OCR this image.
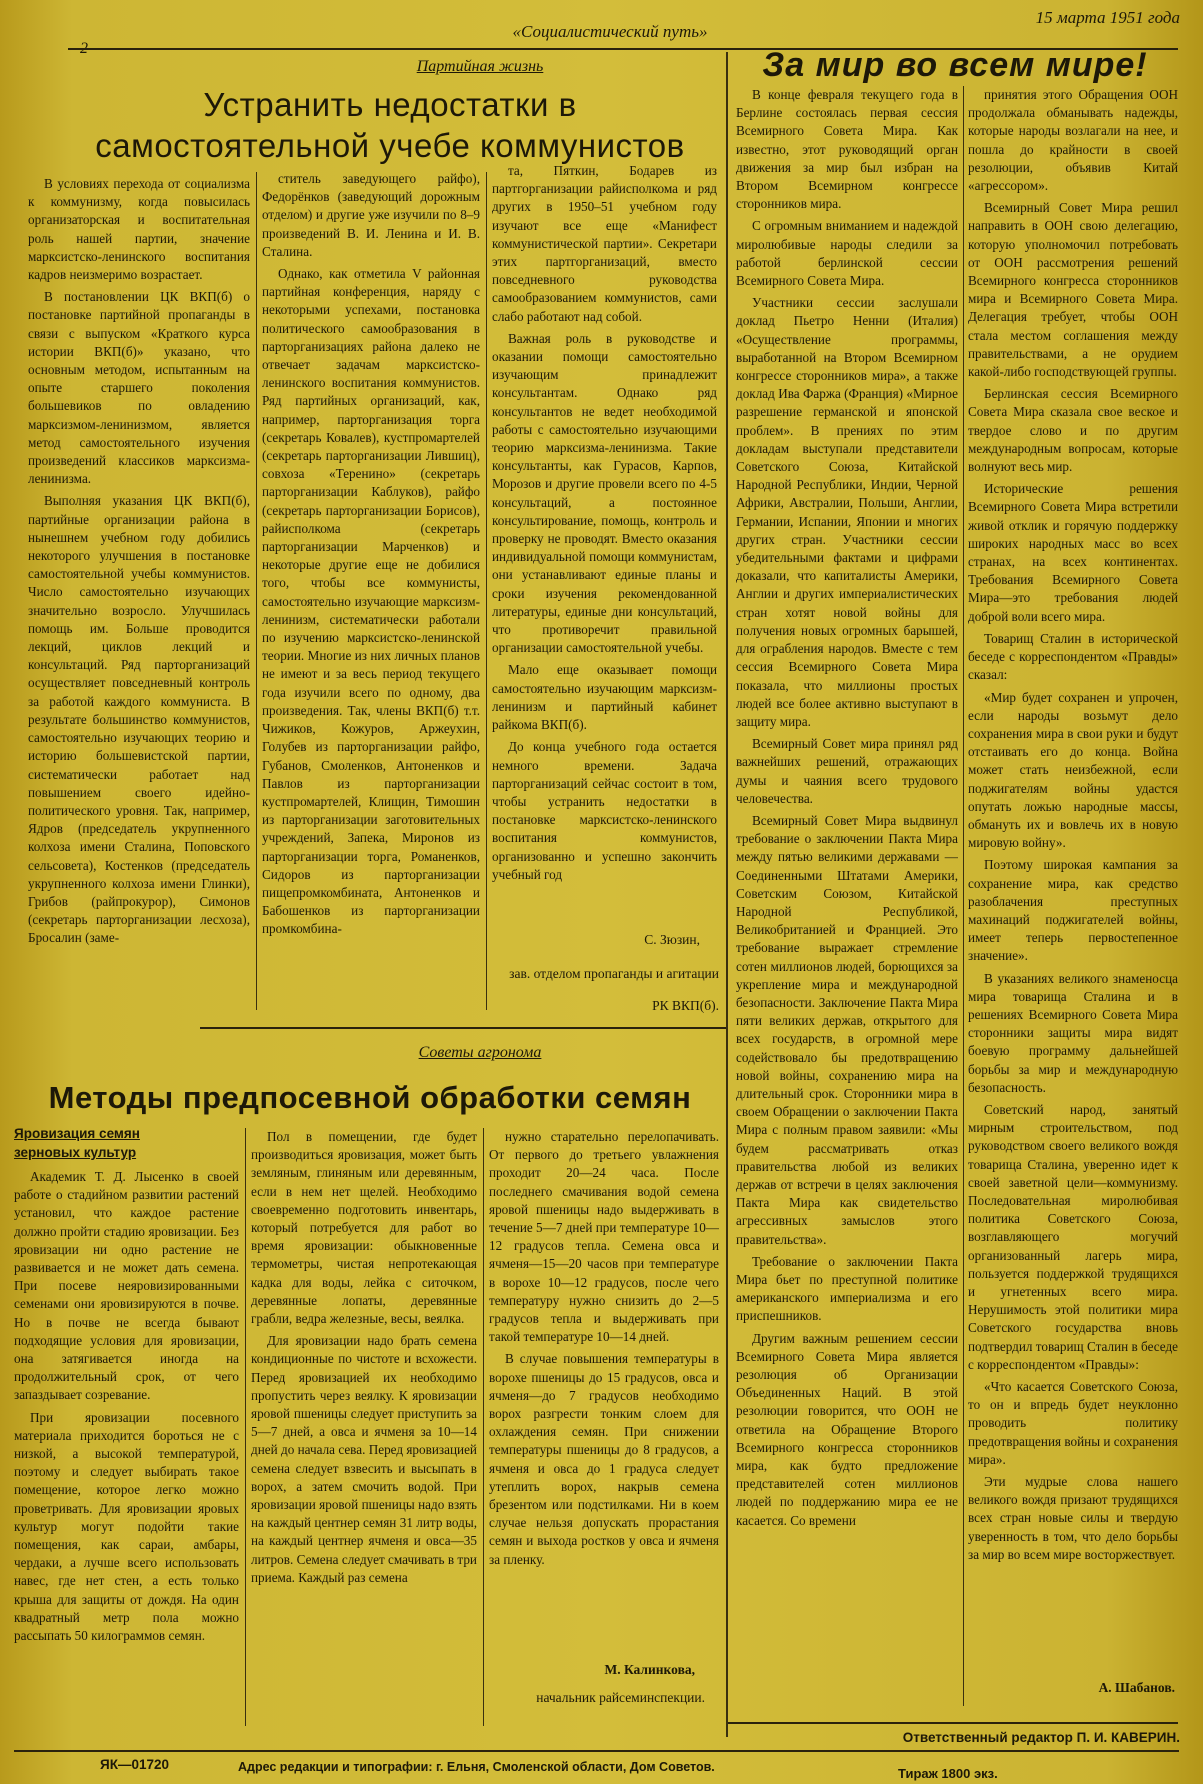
«Социалистический путь»
15 марта 1951 года
Партийная жизнь
Устранить недостатки в
самостоятельной учебе коммунистов

В условиях перехода от социализма к коммунизму, когда повысилась организаторская и воспитательная роль нашей партии, значение марксистско-ленинского воспитания кадров неизмеримо возрастает.

В постановлении ЦК ВКП(б) о постановке партийной пропаганды в связи с выпуском «Краткого курса истории ВКП(б)» указано, что основным методом, испытанным на опыте старшего поколения большевиков по овладению марксизмом-ленинизмом, является метод самостоятельного изучения произведений классиков марксизма-ленинизма.

Выполняя указания ЦК ВКП(б), партийные организации района в нынешнем учебном году добились некоторого улучшения в постановке самостоятельной учебы коммунистов. Число самостоятельно изучающих значительно возросло. Улучшилась помощь им. Больше проводится лекций, циклов лекций и консультаций. Ряд парторганизаций осуществляет повседневный контроль за работой каждого коммуниста. В результате большинство коммунистов, самостоятельно изучающих теорию и историю большевистской партии, систематически работает над повышением своего идейно-политического уровня. Так, например, Ядров (председатель укрупненного колхоза имени Сталина, Поповского сельсовета), Костенков (председатель укрупненного колхоза имени Глинки), Грибов (райпрокурор), Симонов (секретарь парторганизации лесхоза), Бросалин (заме-

ститель заведующего райфо), Федорёнков (заведующий дорожным отделом) и другие уже изучили по 8–9 произведений В. И. Ленина и И. В. Сталина.

Однако, как отметила V районная партийная конференция, наряду с некоторыми успехами, постановка политического самообразования в парторганизациях района далеко не отвечает задачам марксистско-ленинского воспитания коммунистов. Ряд партийных организаций, как, например, парторганизация торга (секретарь Ковалев), кустпромартелей (секретарь парторганизации Лившиц), совхоза «Теренино» (секретарь парторганизации Каблуков), райфо (секретарь парторганизации Борисов), райисполкома (секретарь парторганизации Марченков) и некоторые другие еще не добилися того, чтобы все коммунисты, самостоятельно изучающие марксизм-ленинизм, систематически работали по изучению марксистско-ленинской теории. Многие из них личных планов не имеют и за весь период текущего года изучили всего по одному, два произведения. Так, члены ВКП(б) т.т. Чижиков, Кожуров, Аржеухин, Голубев из парторганизации райфо, Губанов, Смоленков, Антоненков и Павлов из парторганизации кустпромартелей, Клищин, Тимошин из парторганизации заготовительных учреждений, Запека, Миронов из парторганизации торга, Романенков, Сидоров из парторганизации пищепромкомбината, Антоненков и Бабошенков из парторганизации промкомбина-

та, Пяткин, Бодарев из партгорганизации райисполкома и ряд других в 1950–51 учебном году изучают все еще «Манифест коммунистической партии». Секретари этих партгорганизаций, вместо повседневного руководства самообразованием коммунистов, сами слабо работают над собой.

Важная роль в руководстве и оказании помощи самостоятельно изучающим принадлежит консультантам. Однако ряд консультантов не ведет необходимой работы с самостоятельно изучающими теорию марксизма-ленинизма. Такие консультанты, как Гурасов, Карпов, Морозов и другие провели всего по 4-5 консультаций, а постоянное консультирование, помощь, контроль и проверку не проводят. Вместо оказания индивидуальной помощи коммунистам, они устанавливают единые планы и сроки изучения рекомендованной литературы, единые дни консультаций, что противоречит правильной организации самостоятельной учебы.

Мало еще оказывает помощи самостоятельно изучающим марксизм-ленинизм и партийный кабинет райкома ВКП(б).

До конца учебного года остается немного времени. Задача парторганизаций сейчас состоит в том, чтобы устранить недостатки в постановке марксистско-ленинского воспитания коммунистов, организованно и успешно закончить учебный год

С. Зюзин,
зав. отделом пропаганды и агитации РК ВКП(б).
За мир во всем мире!

В конце февраля текущего года в Берлине состоялась первая сессия Всемирного Совета Мира. Как известно, этот руководящий орган движения за мир был избран на Втором Всемирном конгрессе сторонников мира.

С огромным вниманием и надеждой миролюбивые народы следили за работой берлинской сессии Всемирного Совета Мира.

Участники сессии заслушали доклад Пьетро Ненни (Италия) «Осуществление программы, выработанной на Втором Всемирном конгрессе сторонников мира», а также доклад Ива Фаржа (Франция) «Мирное разрешение германской и японской проблем». В прениях по этим докладам выступали представители Советского Союза, Китайской Народной Республики, Индии, Черной Африки, Австралии, Польши, Англии, Германии, Испании, Японии и многих других стран. Участники сессии убедительными фактами и цифрами доказали, что капиталисты Америки, Англии и других империалистических стран хотят новой войны для получения новых огромных барышей, для ограбления народов. Вместе с тем сессия Всемирного Совета Мира показала, что миллионы простых людей все более активно выступают в защиту мира.

Всемирный Совет мира принял ряд важнейших решений, отражающих думы и чаяния всего трудового человечества.

Всемирный Совет Мира выдвинул требование о заключении Пакта Мира между пятью великими державами — Соединенными Штатами Америки, Советским Союзом, Китайской Народной Республикой, Великобританией и Францией. Это требование выражает стремление сотен миллионов людей, борющихся за укрепление мира и международной безопасности. Заключение Пакта Мира пяти великих держав, открытого для всех государств, в огромной мере содействовало бы предотвращению новой войны, сохранению мира на длительный срок. Сторонники мира в своем Обращении о заключении Пакта Мира с полным правом заявили: «Мы будем рассматривать отказ правительства любой из великих держав от встречи в целях заключения Пакта Мира как свидетельство агрессивных замыслов этого правительства».

Требование о заключении Пакта Мира бьет по преступной политике американского империализма и его приспешников.

Другим важным решением сессии Всемирного Совета Мира является резолюция об Организации Объединенных Наций. В этой резолюции говорится, что ООН не ответила на Обращение Второго Всемирного конгресса сторонников мира, как будто предложение представителей сотен миллионов людей по поддержанию мира ее не касается. Со времени

принятия этого Обращения ООН продолжала обманывать надежды, которые народы возлагали на нее, и пошла до крайности в своей резолюции, объявив Китай «агрессором».

Всемирный Совет Мира решил направить в ООН свою делегацию, которую уполномочил потребовать от ООН рассмотрения решений Всемирного конгресса сторонников мира и Всемирного Совета Мира. Делегация требует, чтобы ООН стала местом соглашения между правительствами, а не орудием какой-либо господствующей группы.

Берлинская сессия Всемирного Совета Мира сказала свое веское и твердое слово и по другим международным вопросам, которые волнуют весь мир.

Исторические решения Всемирного Совета Мира встретили живой отклик и горячую поддержку широких народных масс во всех странах, на всех континентах. Требования Всемирного Совета Мира—это требования людей доброй воли всего мира.

Товарищ Сталин в исторической беседе с корреспондентом «Правды» сказал:

«Мир будет сохранен и упрочен, если народы возьмут дело сохранения мира в свои руки и будут отстаивать его до конца. Война может стать неизбежной, если поджигателям войны удастся опутать ложью народные массы, обмануть их и вовлечь их в новую мировую войну».

Поэтому широкая кампания за сохранение мира, как средство разоблачения преступных махинаций поджигателей войны, имеет теперь первостепенное значение».

В указаниях великого знаменосца мира товарища Сталина и в решениях Всемирного Совета Мира сторонники защиты мира видят боевую программу дальнейшей борьбы за мир и международную безопасность.

Советский народ, занятый мирным строительством, под руководством своего великого вождя товарища Сталина, уверенно идет к своей заветной цели—коммунизму. Последовательная миролюбивая политика Советского Союза, возглавляющего могучий организованный лагерь мира, пользуется поддержкой трудящихся и угнетенных всего мира. Нерушимость этой политики мира Советского государства вновь подтвердил товарищ Сталин в беседе с корреспондентом «Правды»:

«Что касается Советского Союза, то он и впредь будет неуклонно проводить политику предотвращения войны и сохранения мира».

Эти мудрые слова нашего великого вождя призают трудящихся всех стран новые силы и твердую уверенность в том, что дело борьбы за мир во всем мире восторжествует.

А. Шабанов.
Советы агронома
Методы предпосевной обработки семян
Яровизация семян зерновых культур

Академик Т. Д. Лысенко в своей работе о стадийном развитии растений установил, что каждое растение должно пройти стадию яровизации. Без яровизации ни одно растение не развивается и не может дать семена. При посеве неяровизированными семенами они яровизируются в почве. Но в почве не всегда бывают подходящие условия для яровизации, она затягивается иногда на продолжительный срок, от чего запаздывает созревание.

При яровизации посевного материала приходится бороться не с низкой, а высокой температурой, поэтому и следует выбирать такое помещение, которое легко можно проветривать. Для яровизации яровых культур могут подойти такие помещения, как сараи, амбары, чердаки, а лучше всего использовать навес, где нет стен, а есть только крыша для защиты от дождя. На один квадратный метр пола можно рассыпать 50 килограммов семян.

Пол в помещении, где будет производиться яровизация, может быть земляным, глиняным или деревянным, если в нем нет щелей. Необходимо своевременно подготовить инвентарь, который потребуется для работ во время яровизации: обыкновенные термометры, чистая непротекающая кадка для воды, лейка с ситочком, деревянные лопаты, деревянные грабли, ведра железные, весы, веялка.

Для яровизации надо брать семена кондиционные по чистоте и всхожести. Перед яровизацией их необходимо пропустить через веялку. К яровизации яровой пшеницы следует приступить за 5—7 дней, а овса и ячменя за 10—14 дней до начала сева. Перед яровизацией семена следует взвесить и высыпать в ворох, а затем смочить водой. При яровизации яровой пшеницы надо взять на каждый центнер семян 31 литр воды, на каждый центнер ячменя и овса—35 литров. Семена следует смачивать в три приема. Каждый раз семена

нужно старательно перелопачивать. От первого до третьего увлажнения проходит 20—24 часа. После последнего смачивания водой семена яровой пшеницы надо выдерживать в течение 5—7 дней при температуре 10—12 градусов тепла. Семена овса и ячменя—15—20 часов при температуре в ворохе 10—12 градусов, после чего температуру нужно снизить до 2—5 градусов тепла и выдерживать при такой температуре 10—14 дней.

В случае повышения температуры в ворохе пшеницы до 15 градусов, овса и ячменя—до 7 градусов необходимо ворох разгрести тонким слоем для охлаждения семян. При снижении температуры пшеницы до 8 градусов, а ячменя и овса до 1 градуса следует утеплить ворох, накрыв семена брезентом или подстилками. Ни в коем случае нельзя допускать прорастания семян и выхода ростков у овса и ячменя за пленку.

М. Калинкова,
начальник райсеминспекции.
Ответственный редактор П. И. КАВЕРИН.
ЯК—01720	Адрес редакции и типографии: г. Ельня, Смоленской области, Дом Советов.	Тираж 1800 экз.
